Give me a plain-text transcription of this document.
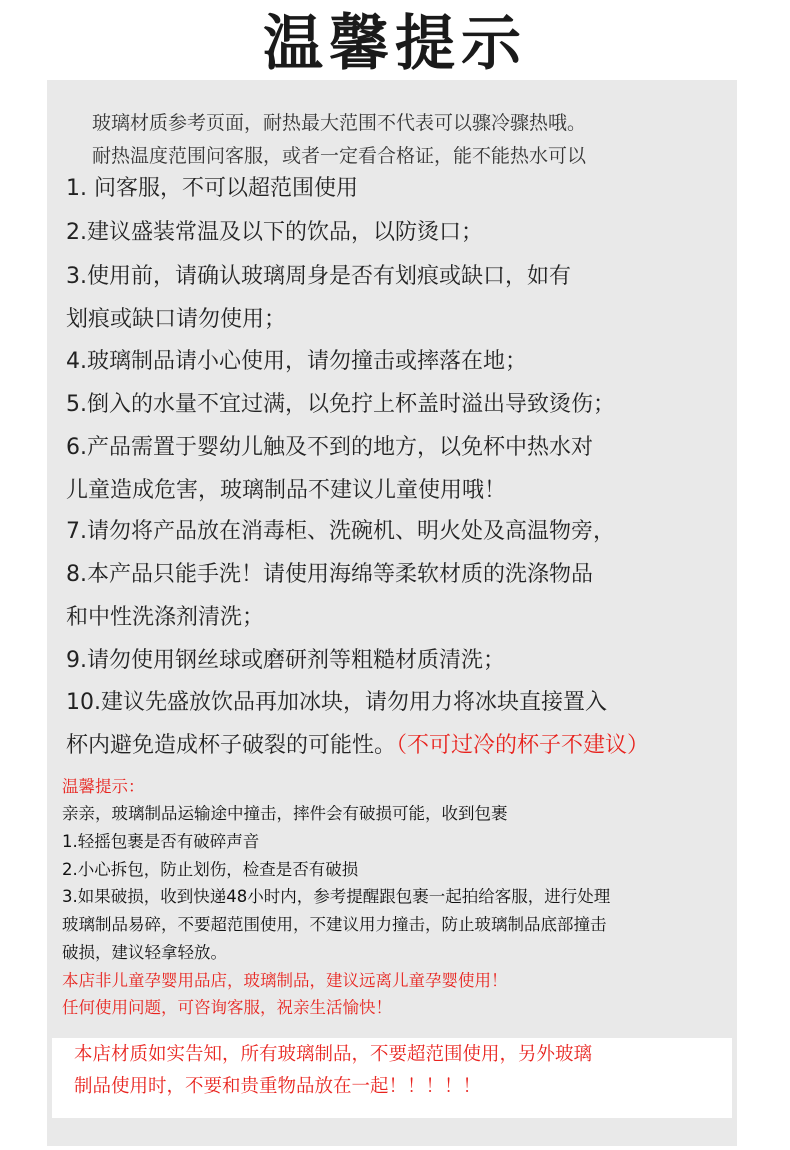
温馨提示
玻璃材质参考页面，耐热最大范围不代表可以骤冷骤热哦。
耐热温度范围问客服，或者一定看合格证，能不能热水可以
1. 问客服，不可以超范围使用
2.建议盛装常温及以下的饮品，以防烫口；
3.使用前，请确认玻璃周身是否有划痕或缺口，如有
划痕或缺口请勿使用；
4.玻璃制品请小心使用，请勿撞击或摔落在地；
5.倒入的水量不宜过满，以免拧上杯盖时溢出导致烫伤；
6.产品需置于婴幼儿触及不到的地方，以免杯中热水对
儿童造成危害，玻璃制品不建议儿童使用哦！
7.请勿将产品放在消毒柜、洗碗机、明火处及高温物旁，
8.本产品只能手洗！请使用海绵等柔软材质的洗涤物品
和中性洗涤剂清洗；
9.请勿使用钢丝球或磨研剂等粗糙材质清洗；
10.建议先盛放饮品再加冰块，请勿用力将冰块直接置入
杯内避免造成杯子破裂的可能性。（不可过冷的杯子不建议）
温馨提示：
亲亲，玻璃制品运输途中撞击，摔件会有破损可能，收到包裹
1.轻摇包裹是否有破碎声音
2.小心拆包，防止划伤，检查是否有破损
3.如果破损，收到快递48小时内，参考提醒跟包裹一起拍给客服，进行处理
玻璃制品易碎，不要超范围使用，不建议用力撞击，防止玻璃制品底部撞击
破损，建议轻拿轻放。
本店非儿童孕婴用品店，玻璃制品，建议远离儿童孕婴使用！
任何使用问题，可咨询客服，祝亲生活愉快！
本店材质如实告知，所有玻璃制品，不要超范围使用，另外玻璃
制品使用时，不要和贵重物品放在一起！！！！！
